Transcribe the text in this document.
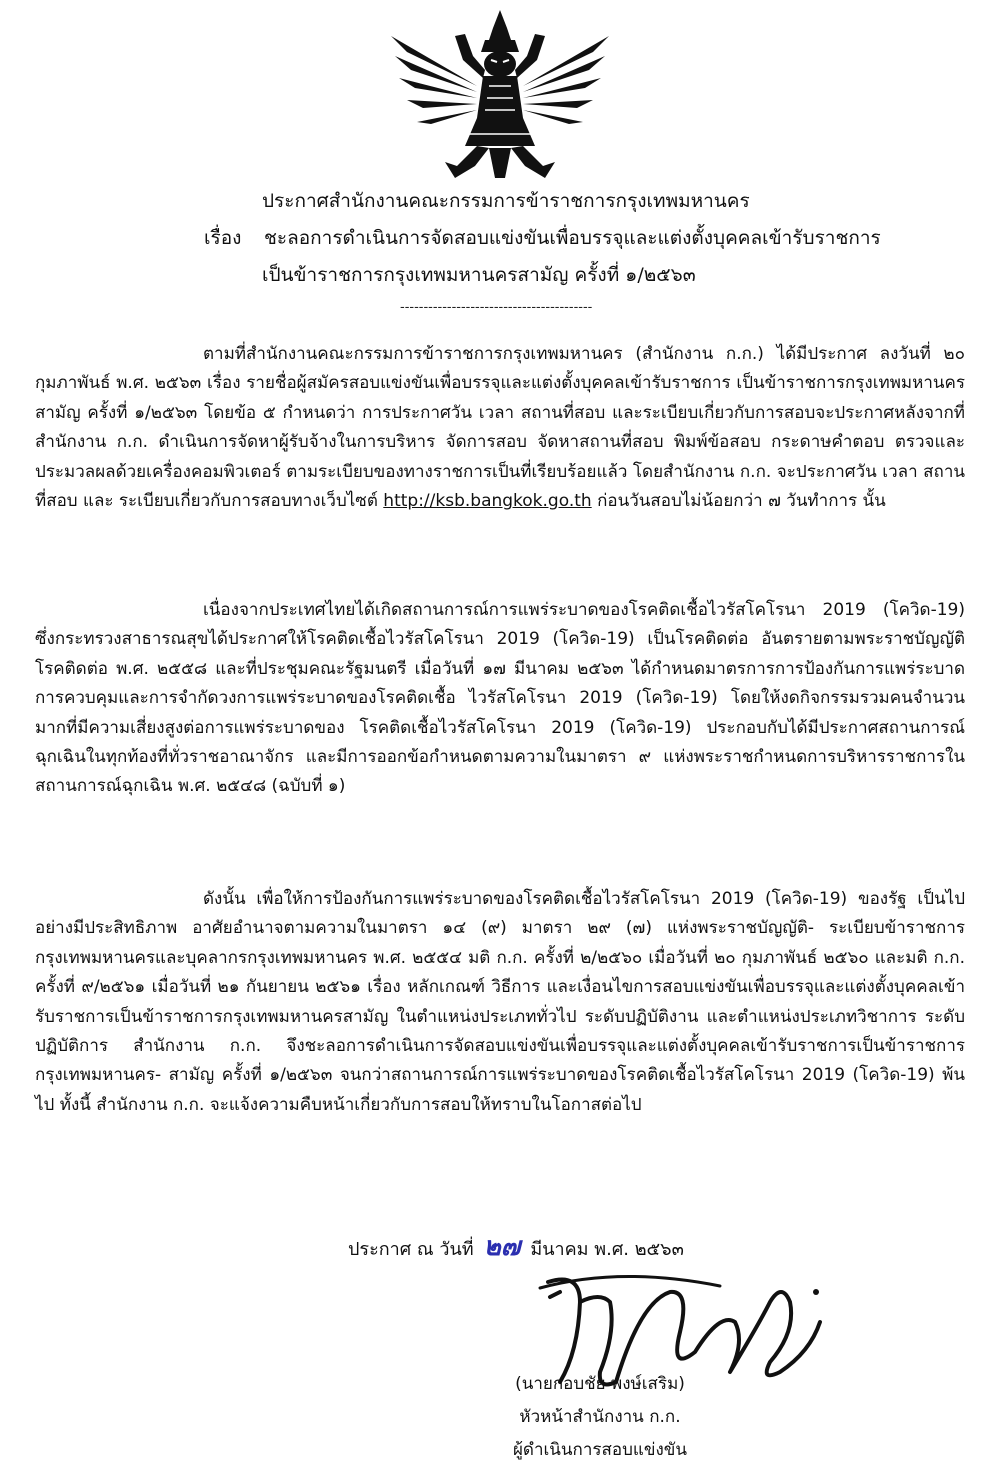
ประกาศสำนักงานคณะกรรมการข้าราชการกรุงเทพมหานคร
เรื่อง ชะลอการดำเนินการจัดสอบแข่งขันเพื่อบรรจุและแต่งตั้งบุคคลเข้ารับราชการ
เป็นข้าราชการกรุงเทพมหานครสามัญ ครั้งที่ ๑/๒๕๖๓
-----------------------------------------
ตามที่สำนักงานคณะกรรมการข้าราชการกรุงเทพมหานคร (สำนักงาน ก.ก.) ได้มีประกาศ ลงวันที่ ๒๐ กุมภาพันธ์ พ.ศ. ๒๕๖๓ เรื่อง รายชื่อผู้สมัครสอบแข่งขันเพื่อบรรจุและแต่งตั้งบุคคลเข้ารับราชการ เป็นข้าราชการกรุงเทพมหานครสามัญ ครั้งที่ ๑/๒๕๖๓ โดยข้อ ๕ กำหนดว่า การประกาศวัน เวลา สถานที่สอบ และระเบียบเกี่ยวกับการสอบจะประกาศหลังจากที่สำนักงาน ก.ก. ดำเนินการจัดหาผู้รับจ้างในการบริหาร จัดการสอบ จัดหาสถานที่สอบ พิมพ์ข้อสอบ กระดาษคำตอบ ตรวจและประมวลผลด้วยเครื่องคอมพิวเตอร์ ตามระเบียบของทางราชการเป็นที่เรียบร้อยแล้ว โดยสำนักงาน ก.ก. จะประกาศวัน เวลา สถานที่สอบ และ ระเบียบเกี่ยวกับการสอบทางเว็บไซต์ http://ksb.bangkok.go.th ก่อนวันสอบไม่น้อยกว่า ๗ วันทำการ นั้น
เนื่องจากประเทศไทยได้เกิดสถานการณ์การแพร่ระบาดของโรคติดเชื้อไวรัสโคโรนา 2019 (โควิด-19) ซึ่งกระทรวงสาธารณสุขได้ประกาศให้โรคติดเชื้อไวรัสโคโรนา 2019 (โควิด-19) เป็นโรคติดต่อ อันตรายตามพระราชบัญญัติโรคติดต่อ พ.ศ. ๒๕๕๘ และที่ประชุมคณะรัฐมนตรี เมื่อวันที่ ๑๗ มีนาคม ๒๕๖๓ ได้กำหนดมาตรการการป้องกันการแพร่ระบาด การควบคุมและการจำกัดวงการแพร่ระบาดของโรคติดเชื้อ ไวรัสโคโรนา 2019 (โควิด-19) โดยให้งดกิจกรรมรวมคนจำนวนมากที่มีความเสี่ยงสูงต่อการแพร่ระบาดของ โรคติดเชื้อไวรัสโคโรนา 2019 (โควิด-19) ประกอบกับได้มีประกาศสถานการณ์ฉุกเฉินในทุกท้องที่ทั่วราชอาณาจักร และมีการออกข้อกำหนดตามความในมาตรา ๙ แห่งพระราชกำหนดการบริหารราชการในสถานการณ์ฉุกเฉิน พ.ศ. ๒๕๔๘ (ฉบับที่ ๑)
ดังนั้น เพื่อให้การป้องกันการแพร่ระบาดของโรคติดเชื้อไวรัสโคโรนา 2019 (โควิด-19) ของรัฐ เป็นไปอย่างมีประสิทธิภาพ อาศัยอำนาจตามความในมาตรา ๑๔ (๙) มาตรา ๒๙ (๗) แห่งพระราชบัญญัติ- ระเบียบข้าราชการกรุงเทพมหานครและบุคลากรกรุงเทพมหานคร พ.ศ. ๒๕๕๔ มติ ก.ก. ครั้งที่ ๒/๒๕๖๐ เมื่อวันที่ ๒๐ กุมภาพันธ์ ๒๕๖๐ และมติ ก.ก. ครั้งที่ ๙/๒๕๖๑ เมื่อวันที่ ๒๑ กันยายน ๒๕๖๑ เรื่อง หลักเกณฑ์ วิธีการ และเงื่อนไขการสอบแข่งขันเพื่อบรรจุและแต่งตั้งบุคคลเข้ารับราชการเป็นข้าราชการกรุงเทพมหานครสามัญ ในตำแหน่งประเภททั่วไป ระดับปฏิบัติงาน และตำแหน่งประเภทวิชาการ ระดับปฏิบัติการ สำนักงาน ก.ก. จึงชะลอการดำเนินการจัดสอบแข่งขันเพื่อบรรจุและแต่งตั้งบุคคลเข้ารับราชการเป็นข้าราชการกรุงเทพมหานคร- สามัญ ครั้งที่ ๑/๒๕๖๓ จนกว่าสถานการณ์การแพร่ระบาดของโรคติดเชื้อไวรัสโคโรนา 2019 (โควิด-19) พ้นไป ทั้งนี้ สำนักงาน ก.ก. จะแจ้งความคืบหน้าเกี่ยวกับการสอบให้ทราบในโอกาสต่อไป
ประกาศ ณ วันที่ ๒๗ มีนาคม พ.ศ. ๒๕๖๓
(นายกอบชัย พงษ์เสริม)
หัวหน้าสำนักงาน ก.ก.
ผู้ดำเนินการสอบแข่งขัน
